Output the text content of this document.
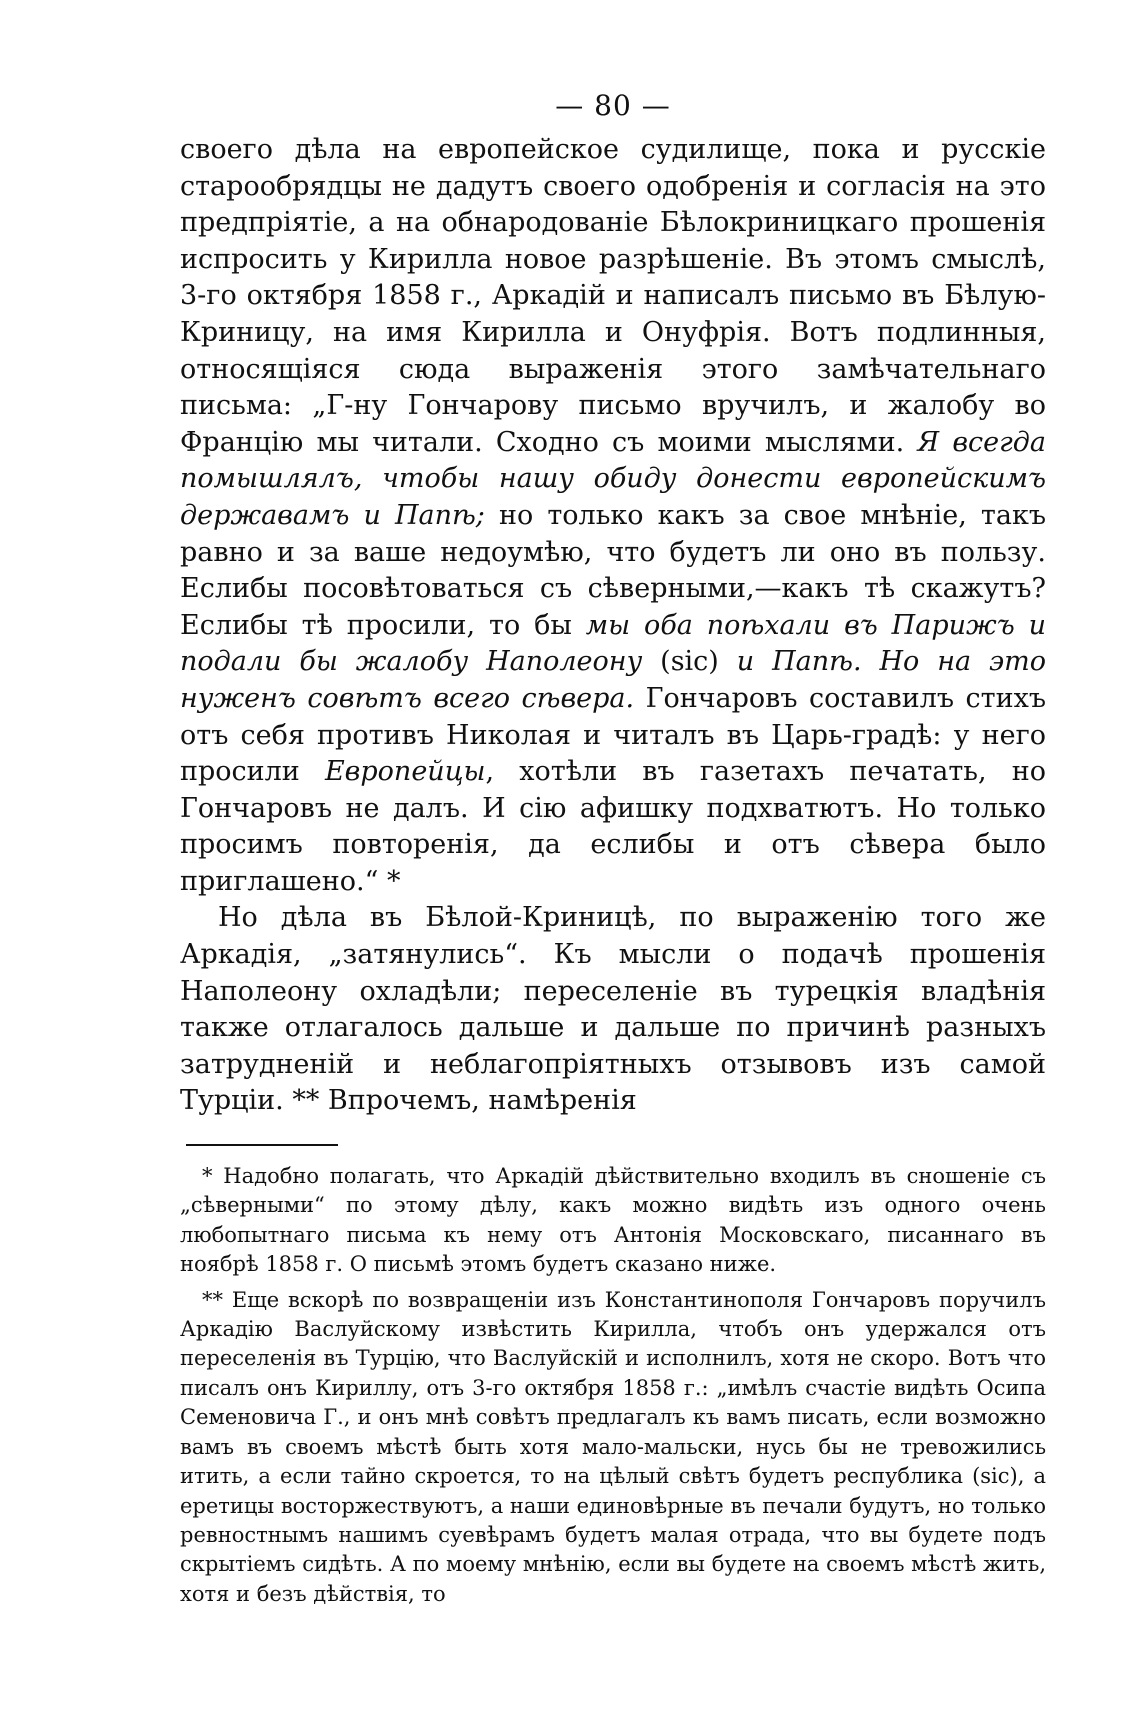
— 80 —

своего дѣла на европейское судилище, пока и русскіе старообрядцы не дадутъ своего одобренія и согласія на это предпріятіе, а на обнародованіе Бѣлокриницкаго прошенія испросить у Кирилла новое разрѣшеніе. Въ этомъ смыслѣ, 3-го октября 1858 г., Аркадій и написалъ письмо въ Бѣлую-Криницу, на имя Кирилла и Онуфрія. Вотъ подлинныя, относящіяся сюда выраженія этого замѣчательнаго письма: „Г-ну Гончарову письмо вручилъ, и жалобу во Францію мы читали. Сходно съ моими мыслями. Я всегда помышлялъ, чтобы нашу обиду донести европейскимъ державамъ и Папѣ; но только какъ за свое мнѣніе, такъ равно и за ваше недоумѣю, что будетъ ли оно въ пользу. Еслибы посовѣтоваться съ сѣверными,—какъ тѣ скажутъ? Еслибы тѣ просили, то бы мы оба поѣхали въ Парижъ и подали бы жалобу Наполеону (sic) и Папѣ. Но на это нуженъ совѣтъ всего сѣвера. Гончаровъ составилъ стихъ отъ себя противъ Николая и читалъ въ Царь-градѣ: у него просили Европейцы, хотѣли въ газетахъ печатать, но Гончаровъ не далъ. И сію афишку подхватютъ. Но только просимъ повторенія, да еслибы и отъ сѣвера было приглашено.“ *

Но дѣла въ Бѣлой-Криницѣ, по выраженію того же Аркадія, „затянулись“. Къ мысли о подачѣ прошенія Наполеону охладѣли; переселеніе въ турецкія владѣнія также отлагалось дальше и дальше по причинѣ разныхъ затрудненій и неблагопріятныхъ отзывовъ изъ самой Турціи. ** Впрочемъ, намѣренія

* Надобно полагать, что Аркадій дѣйствительно входилъ въ сношеніе съ „сѣверными“ по этому дѣлу, какъ можно видѣть изъ одного очень любопытнаго письма къ нему отъ Антонія Московскаго, писаннаго въ ноябрѣ 1858 г. О письмѣ этомъ будетъ сказано ниже.

** Еще вскорѣ по возвращеніи изъ Константинополя Гончаровъ поручилъ Аркадію Васлуйскому извѣстить Кирилла, чтобъ онъ удержался отъ переселенія въ Турцію, что Васлуйскій и исполнилъ, хотя не скоро. Вотъ что писалъ онъ Кириллу, отъ 3-го октября 1858 г.: „имѣлъ счастіе видѣть Осипа Семеновича Г., и онъ мнѣ совѣтъ предлагалъ къ вамъ писать, если возможно вамъ въ своемъ мѣстѣ быть хотя мало-мальски, нусь бы не тревожились итить, а если тайно скроется, то на цѣлый свѣтъ будетъ республика (sic), а еретицы восторжествуютъ, а наши единовѣрные въ печали будутъ, но только ревностнымъ нашимъ суевѣрамъ будетъ малая отрада, что вы будете подъ скрытіемъ сидѣть. А по моему мнѣнію, если вы будете на своемъ мѣстѣ жить, хотя и безъ дѣйствія, то
